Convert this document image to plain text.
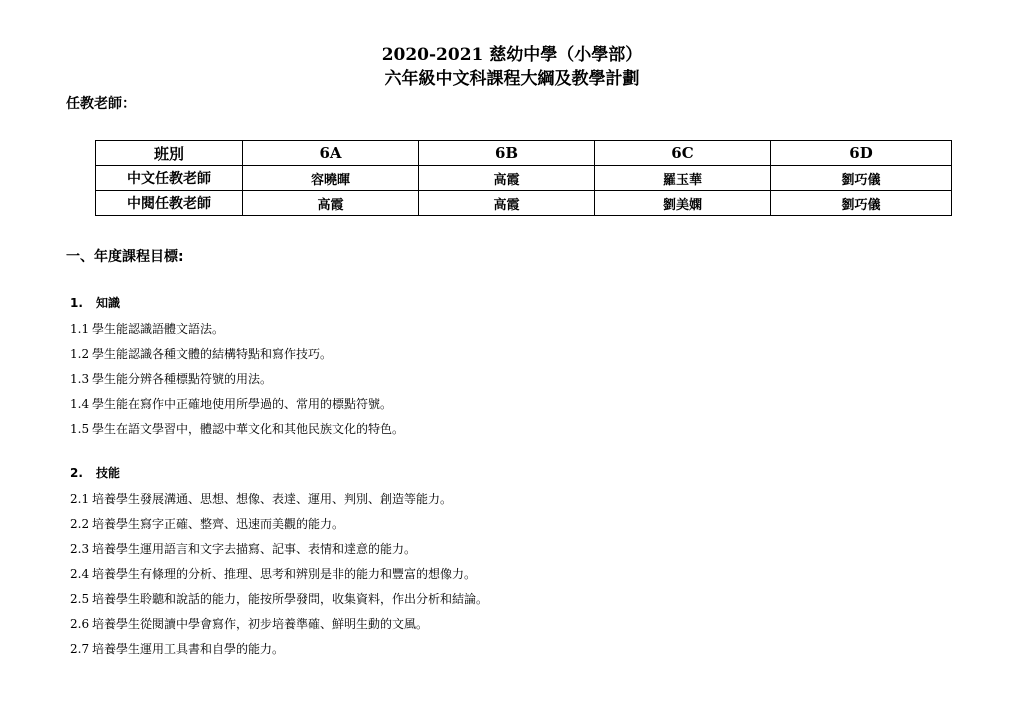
2020-2021 慈幼中學（小學部）
六年級中文科課程大綱及教學計劃
任教老師：
班別	6A	6B	6C	6D
中文任教老師	容曉暉	高霞	羅玉華	劉巧儀
中閱任教老師	高霞	高霞	劉美嫻	劉巧儀
一、年度課程目標:
1. 知識
1.1 學生能認識語體文語法。
1.2 學生能認識各種文體的結構特點和寫作技巧。
1.3 學生能分辨各種標點符號的用法。
1.4 學生能在寫作中正確地使用所學過的、常用的標點符號。
1.5 學生在語文學習中，體認中華文化和其他民族文化的特色。
2. 技能
2.1 培養學生發展溝通、思想、想像、表達、運用、判別、創造等能力。
2.2 培養學生寫字正確、整齊、迅速而美觀的能力。
2.3 培養學生運用語言和文字去描寫、記事、表情和達意的能力。
2.4 培養學生有條理的分析、推理、思考和辨別是非的能力和豐富的想像力。
2.5 培養學生聆聽和說話的能力，能按所學發問，收集資料，作出分析和結論。
2.6 培養學生從閱讀中學會寫作，初步培養準確、鮮明生動的文風。
2.7 培養學生運用工具書和自學的能力。
